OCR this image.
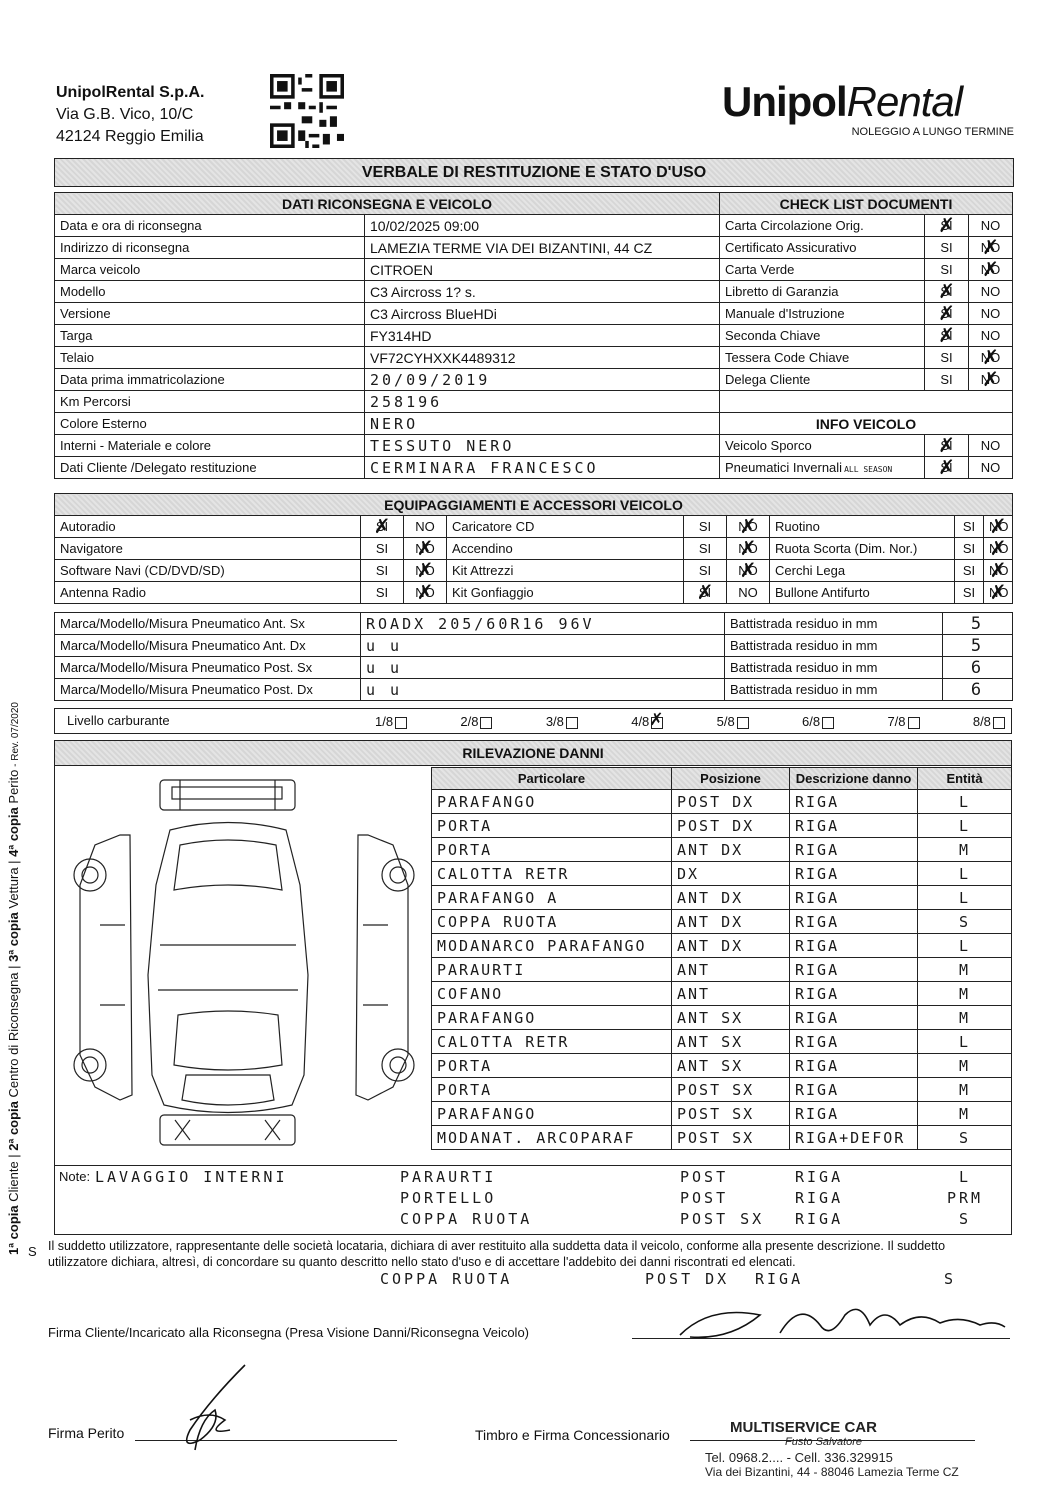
UnipolRental S.p.A.
Via G.B. Vico, 10/C
42124 Reggio Emilia
UnipolRental
NOLEGGIO A LUNGO TERMINE
VERBALE DI RESTITUZIONE E STATO D'USO
DATI RICONSEGNA E VEICOLO	
Data e ora di riconsegna	10/02/2025 09:00
Indirizzo di riconsegna	LAMEZIA TERME VIA DEI BIZANTINI, 44 CZ
Marca veicolo	CITROEN
Modello	C3 Aircross 1? s.
Versione	C3 Aircross BlueHDi
Targa	FY314HD
Telaio	VF72CYHXXK4489312
Data prima immatricolazione	20/09/2019
Km Percorsi	258196
Colore Esterno	NERO
Interni - Materiale e colore	TESSUTO NERO
Dati Cliente /Delegato restituzione	CERMINARA FRANCESCO
CHECK LIST DOCUMENTI		
Carta Circolazione Orig.	SI ✗	NO
Certificato Assicurativo	SI	NO ✗
Carta Verde	SI	NO ✗
Libretto di Garanzia	SI ✗	NO
Manuale d'Istruzione	SI ✗	NO
Seconda Chiave	SI ✗	NO
Tessera Code Chiave	SI	NO ✗
Delega Cliente	SI	NO ✗

INFO VEICOLO		
Veicolo Sporco	SI ✗	NO
Pneumatici Invernali ALL SEASON	SI ✗	NO
EQUIPAGGIAMENTI E ACCESSORI VEICOLO								
Autoradio	SI ✗	NO	Caricatore CD	SI	NO ✗	Ruotino	SI	NO ✗
Navigatore	SI	NO ✗	Accendino	SI	NO ✗	Ruota Scorta (Dim. Nor.)	SI	NO ✗
Software Navi (CD/DVD/SD)	SI	NO ✗	Kit Attrezzi	SI	NO ✗	Cerchi Lega	SI	NO ✗
Antenna Radio	SI	NO ✗	Kit Gonfiaggio	SI ✗	NO	Bullone Antifurto	SI	NO ✗
Marca/Modello/Misura Pneumatico Ant. Sx	ROADX 205/60R16 96V	Battistrada residuo in mm	5
Marca/Modello/Misura Pneumatico Ant. Dx	u u	Battistrada residuo in mm	5
Marca/Modello/Misura Pneumatico Post. Sx	u u	Battistrada residuo in mm	6
Marca/Modello/Misura Pneumatico Post. Dx	u u	Battistrada residuo in mm	6
Livello carburante	1/8	2/8	3/8	4/8 ✗	5/8	6/8	7/8	8/8
RILEVAZIONE DANNI
Particolare	Posizione	Descrizione danno	Entità
PARAFANGO	POST DX	RIGA	L
PORTA	POST DX	RIGA	L
PORTA	ANT DX	RIGA	M
CALOTTA RETR	DX	RIGA	L
PARAFANGO A	ANT DX	RIGA	L
COPPA RUOTA	ANT DX	RIGA	S
MODANARCO PARAFANGO	ANT DX	RIGA	L
PARAURTI	ANT	RIGA	M
COFANO	ANT	RIGA	M
PARAFANGO	ANT SX	RIGA	M
CALOTTA RETR	ANT SX	RIGA	L
PORTA	ANT SX	RIGA	M
PORTA	POST SX	RIGA	M
PARAFANGO	POST SX	RIGA	M
MODANAT. ARCOPARAF	POST SX	RIGA+DEFOR	S
Note: LAVAGGIO INTERNI	PARAURTI	POST	RIGA	L
PORTELLO	POST	RIGA	PRM
COPPA RUOTA	POST SX	RIGA	S
Il suddetto utilizzatore, rappresentante delle società locataria, dichiara di aver restituito alla suddetta data il veicolo, conforme alla presente descrizione. Il suddetto utilizzatore dichiara, altresì, di concordare su quanto descritto nello stato d'uso e di accettare l'addebito dei danni riscontrati ed elencati.
COPPA RUOTA	POST DX	RIGA	S
Firma Cliente/Incaricato alla Riconsegna (Presa Visione Danni/Riconsegna Veicolo)
Firma Perito	Timbro e Firma Concessionario	MULTISERVICE CAR
Fusto Salvatore
Tel. 0968.2.... - Cell. 336.329915
Via dei Bizantini, 44 - 88046 Lamezia Terme CZ
1ª copia Cliente | 2ª copia Centro di Riconsegna | 3ª copia Vettura | 4ª copia Perito - Rev. 07/2020
S
